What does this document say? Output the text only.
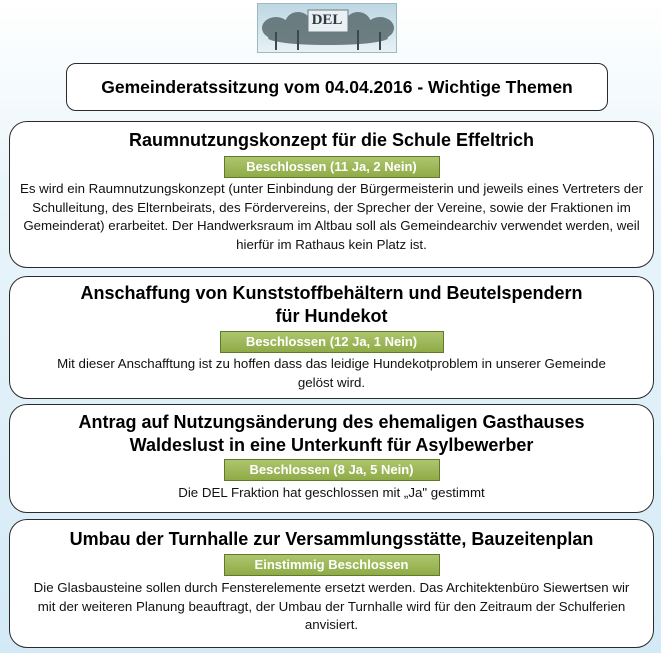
DEL
Gemeinderatssitzung vom 04.04.2016 - Wichtige Themen
Raumnutzungskonzept für die Schule Effeltrich
Beschlossen (11 Ja, 2 Nein)
Es wird ein Raumnutzungskonzept (unter Einbindung der Bürgermeisterin und jeweils eines Vertreters der Schulleitung, des Elternbeirats, des Fördervereins, der Sprecher der Vereine, sowie der Fraktionen im Gemeinderat) erarbeitet. Der Handwerksraum im Altbau soll als Gemeindearchiv verwendet werden, weil hierfür im Rathaus kein Platz ist.
Anschaffung von Kunststoffbehältern und Beutelspendern für Hundekot
Beschlossen (12 Ja, 1 Nein)
Mit dieser Anschafftung ist zu hoffen dass das leidige Hundekotproblem in unserer Gemeinde gelöst wird.
Antrag auf Nutzungsänderung des ehemaligen Gasthauses Waldeslust in eine Unterkunft für Asylbewerber
Beschlossen (8 Ja, 5 Nein)
Die DEL Fraktion hat geschlossen mit „Ja" gestimmt
Umbau der Turnhalle zur Versammlungsstätte, Bauzeitenplan
Einstimmig Beschlossen
Die Glasbausteine sollen durch Fensterelemente ersetzt werden. Das Architektenbüro Siewertsen wir mit der weiteren Planung beauftragt, der Umbau der Turnhalle wird für den Zeitraum der Schulferien anvisiert.
